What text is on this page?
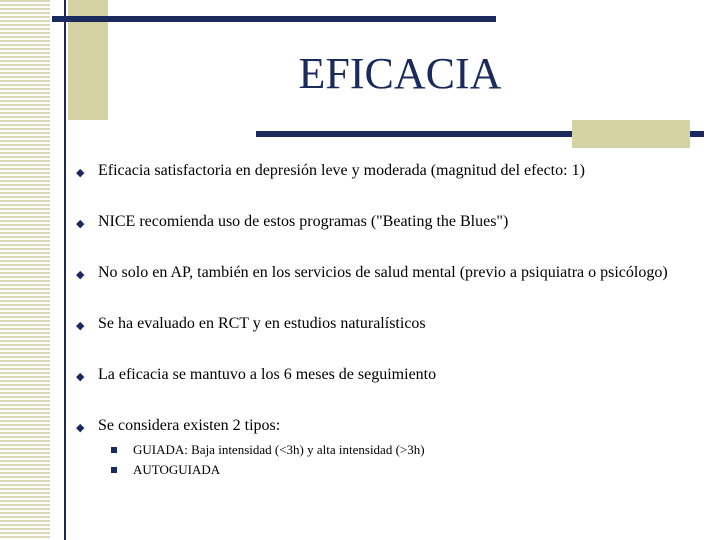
EFICACIA
◆ Eficacia satisfactoria en depresión leve y moderada (magnitud del efecto: 1)
◆ NICE recomienda uso de estos programas ("Beating the Blues")
◆ No solo en AP, también en los servicios de salud mental (previo a psiquiatra o psicólogo)
◆ Se ha evaluado en RCT y en estudios naturalísticos
◆ La eficacia se mantuvo a los 6 meses de seguimiento
◆ Se considera existen 2 tipos:
GUIADA: Baja intensidad (<3h) y alta intensidad (>3h)
AUTOGUIADA
